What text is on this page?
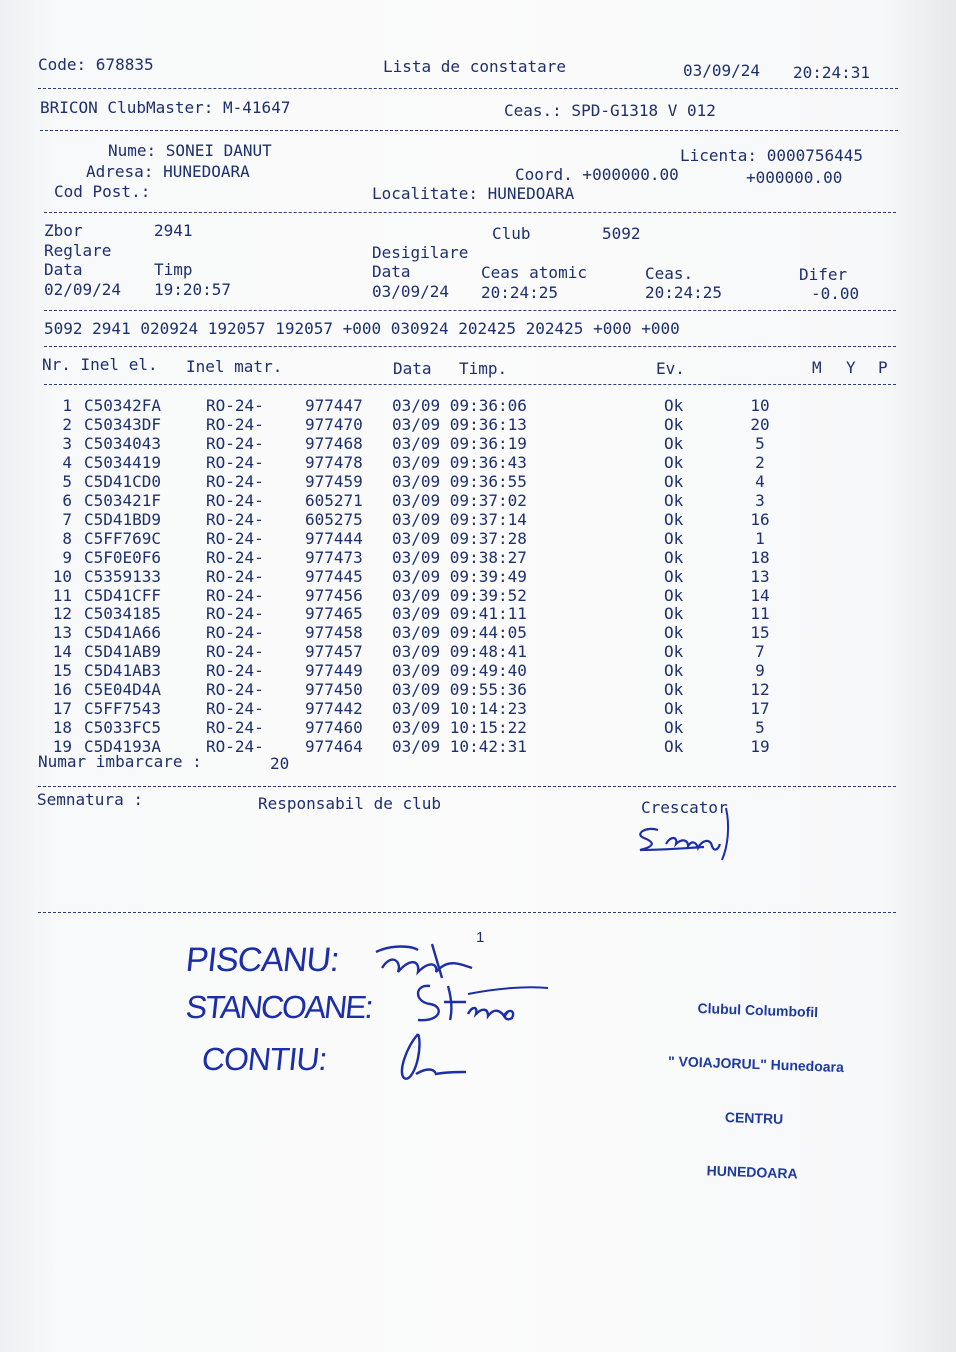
Code: 678835	Lista de constatare	03/09/24 20:24:31
BRICON ClubMaster: M-41647	Ceas.: SPD-G1318 V 012
Nume: SONEI DANUT	Licenta: 0000756445
Adresa: HUNEDOARA	Coord. +000000.00	+000000.00
Cod Post.:	Localitate: HUNEDOARA
Zbor	2941	Club	5092
Reglare	Desigilare
Data	Timp	Data	Ceas atomic	Ceas.	Difer
02/09/24 19:20:57	03/09/24 20:24:25	20:24:25	-0.00
5092 2941 020924 192057 192057 +000 030924 202425 202425 +000 +000
Nr. Inel el. Inel matr.	Data Timp.	Ev.	M Y P
1 C50342FA	RO-24-	977447 03/09 09:36:06	Ok	10
2 C50343DF	RO-24-	977470 03/09 09:36:13	Ok	20
3 C5034043	RO-24-	977468 03/09 09:36:19	Ok	5
4 C5034419	RO-24-	977478 03/09 09:36:43	Ok	2
5 C5D41CD0	RO-24-	977459 03/09 09:36:55	Ok	4
6 C503421F	RO-24-	605271 03/09 09:37:02	Ok	3
7 C5D41BD9	RO-24-	605275 03/09 09:37:14	Ok	16
8 C5FF769C	RO-24-	977444 03/09 09:37:28	Ok	1
9 C5F0E0F6	RO-24-	977473 03/09 09:38:27	Ok	18
10 C5359133	RO-24-	977445 03/09 09:39:49	Ok	13
11 C5D41CFF	RO-24-	977456 03/09 09:39:52	Ok	14
12 C5034185	RO-24-	977465 03/09 09:41:11	Ok	11
13 C5D41A66	RO-24-	977458 03/09 09:44:05	Ok	15
14 C5D41AB9	RO-24-	977457 03/09 09:48:41	Ok	7
15 C5D41AB3	RO-24-	977449 03/09 09:49:40	Ok	9
16 C5E04D4A	RO-24-	977450 03/09 09:55:36	Ok	12
17 C5FF7543	RO-24-	977442 03/09 10:14:23	Ok	17
18 C5033FC5	RO-24-	977460 03/09 10:15:22	Ok	5
19 C5D4193A	RO-24-	977464 03/09 10:42:31	Ok	19
Numar imbarcare :	20
Semnatura :	Responsabil de club	Crescator
1
PISCANU:
STANCOANE:
CONTIU:

Clubul Columbofil

" VOIAJORUL" Hunedoara

CENTRU

HUNEDOARA
